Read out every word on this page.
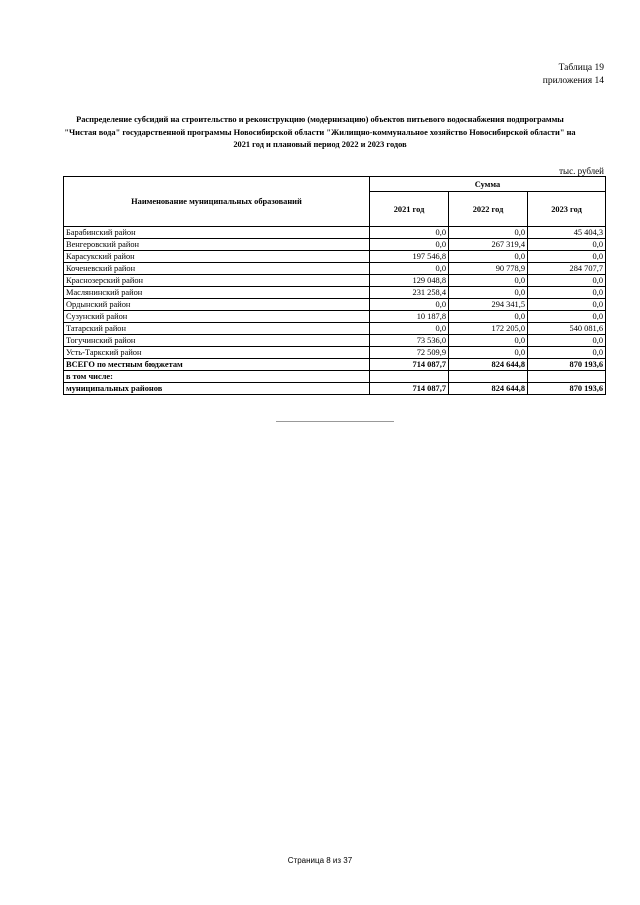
Таблица 19
приложения 14
Распределение субсидий на строительство и реконструкцию (модернизацию) объектов питьевого водоснабжения подпрограммы "Чистая вода" государственной программы Новосибирской области "Жилищно-коммунальное хозяйство Новосибирской области" на 2021 год и плановый период 2022 и 2023 годов
тыс. рублей
Наименование муниципальных образований	Сумма		
	2021 год	2022 год	2023 год
Барабинский район	0,0	0,0	45 404,3
Венгеровский район	0,0	267 319,4	0,0
Карасукский район	197 546,8	0,0	0,0
Коченевский район	0,0	90 778,9	284 707,7
Краснозерский район	129 048,8	0,0	0,0
Маслянинский район	231 258,4	0,0	0,0
Ордынский район	0,0	294 341,5	0,0
Сузунский район	10 187,8	0,0	0,0
Татарский район	0,0	172 205,0	540 081,6
Тогучинский район	73 536,0	0,0	0,0
Усть-Таркский район	72 509,9	0,0	0,0
ВСЕГО по местным бюджетам	714 087,7	824 644,8	870 193,6
в том числе:			
муниципальных районов	714 087,7	824 644,8	870 193,6
Страница 8 из 37
